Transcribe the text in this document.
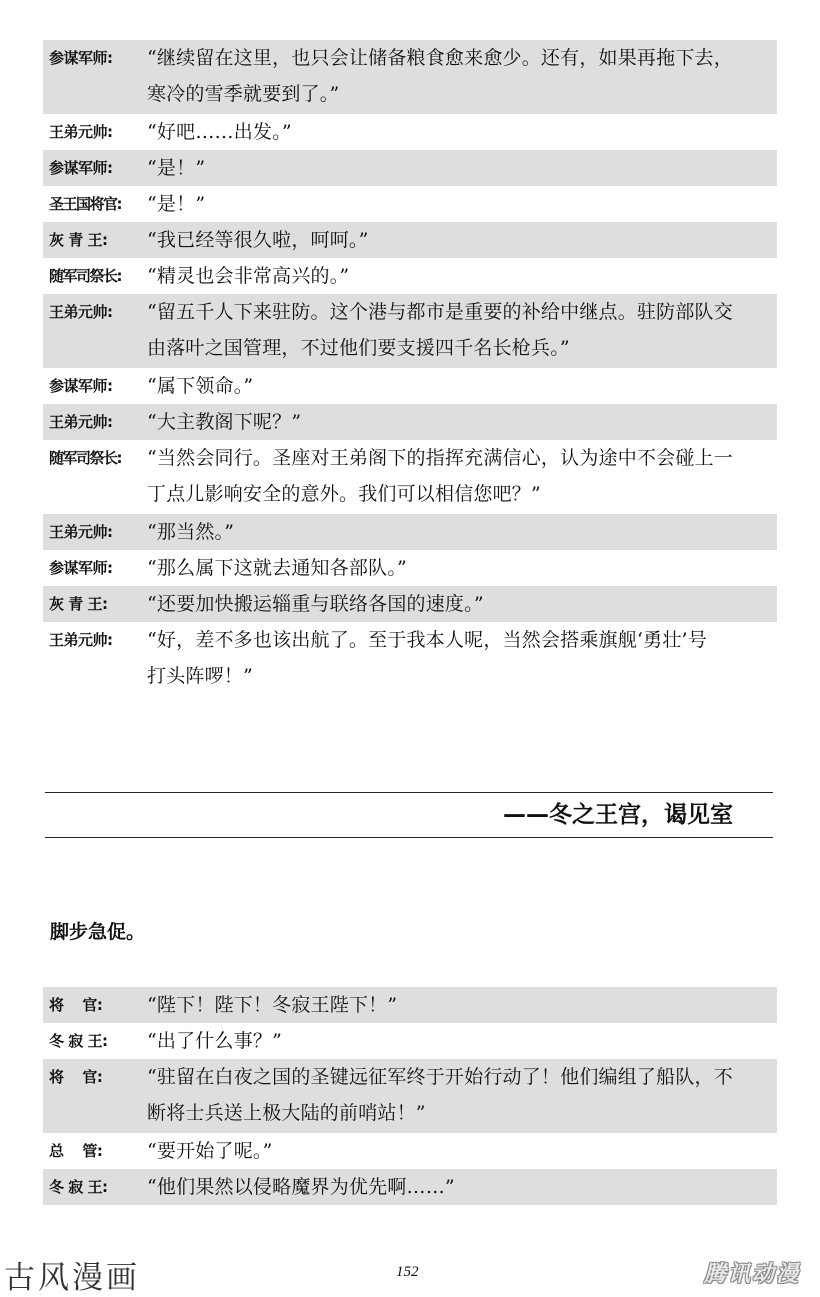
参谋军师:	“继续留在这里，也只会让储备粮食愈来愈少。还有，如果再拖下去，
寒冷的雪季就要到了。”
王弟元帅:	“好吧……出发。”
参谋军师:	“是！”
圣王国将官:	“是！”
灰 青 王:	“我已经等很久啦，呵呵。”
随军司祭长:	“精灵也会非常高兴的。”
王弟元帅:	“留五千人下来驻防。这个港与都市是重要的补给中继点。驻防部队交
由落叶之国管理，不过他们要支援四千名长枪兵。”
参谋军师:	“属下领命。”
王弟元帅:	“大主教阁下呢？”
随军司祭长:	“当然会同行。圣座对王弟阁下的指挥充满信心，认为途中不会碰上一
丁点儿影响安全的意外。我们可以相信您吧？”
王弟元帅:	“那当然。”
参谋军师:	“那么属下这就去通知各部队。”
灰 青 王:	“还要加快搬运辎重与联络各国的速度。”
王弟元帅:	“好，差不多也该出航了。至于我本人呢，当然会搭乘旗舰‘勇壮’号
打头阵啰！”
——冬之王宫，谒见室
脚步急促。
将    官:	“陛下！陛下！冬寂王陛下！”
冬 寂 王:	“出了什么事？”
将    官:	“驻留在白夜之国的圣键远征军终于开始行动了！他们编组了船队，不
断将士兵送上极大陆的前哨站！”
总    管:	“要开始了呢。”
冬 寂 王:	“他们果然以侵略魔界为优先啊……”
古风漫画	152	腾讯动漫
